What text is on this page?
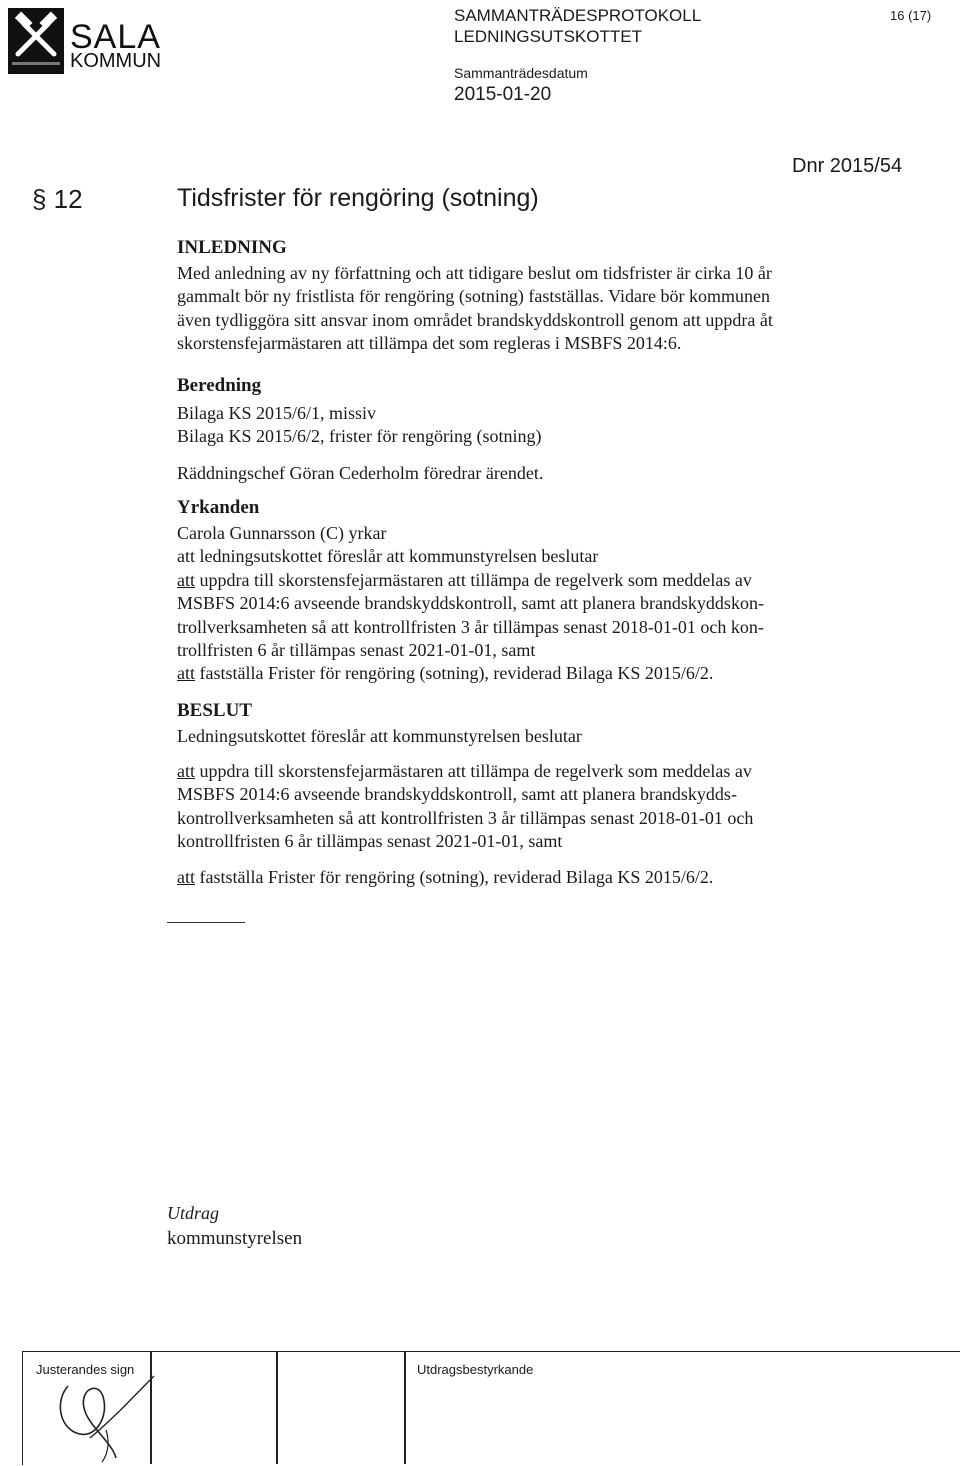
SALA
KOMMUN
SAMMANTRÄDESPROTOKOLL
LEDNINGSUTSKOTTET
Sammanträdesdatum
2015-01-20
16 (17)
Dnr 2015/54
§ 12	Tidsfrister för rengöring (sotning)
INLEDNING
Med anledning av ny författning och att tidigare beslut om tidsfrister är cirka 10 år
gammalt bör ny fristlista för rengöring (sotning) fastställas. Vidare bör kommunen
även tydliggöra sitt ansvar inom området brandskyddskontroll genom att uppdra åt
skorstensfejarmästaren att tillämpa det som regleras i MSBFS 2014:6.
Beredning
Bilaga KS 2015/6/1, missiv
Bilaga KS 2015/6/2, frister för rengöring (sotning)
Räddningschef Göran Cederholm föredrar ärendet.
Yrkanden
Carola Gunnarsson (C) yrkar
att ledningsutskottet föreslår att kommunstyrelsen beslutar
att uppdra till skorstensfejarmästaren att tillämpa de regelverk som meddelas av
MSBFS 2014:6 avseende brandskyddskontroll, samt att planera brandskyddskon-
trollverksamheten så att kontrollfristen 3 år tillämpas senast 2018-01-01 och kon-
trollfristen 6 år tillämpas senast 2021-01-01, samt
att fastställa Frister för rengöring (sotning), reviderad Bilaga KS 2015/6/2.
BESLUT
Ledningsutskottet föreslår att kommunstyrelsen beslutar
att uppdra till skorstensfejarmästaren att tillämpa de regelverk som meddelas av
MSBFS 2014:6 avseende brandskyddskontroll, samt att planera brandskydds-
kontrollverksamheten så att kontrollfristen 3 år tillämpas senast 2018-01-01 och
kontrollfristen 6 år tillämpas senast 2021-01-01, samt
att fastställa Frister för rengöring (sotning), reviderad Bilaga KS 2015/6/2.
Utdrag
kommunstyrelsen
Justerandes sign	Utdragsbestyrkande
